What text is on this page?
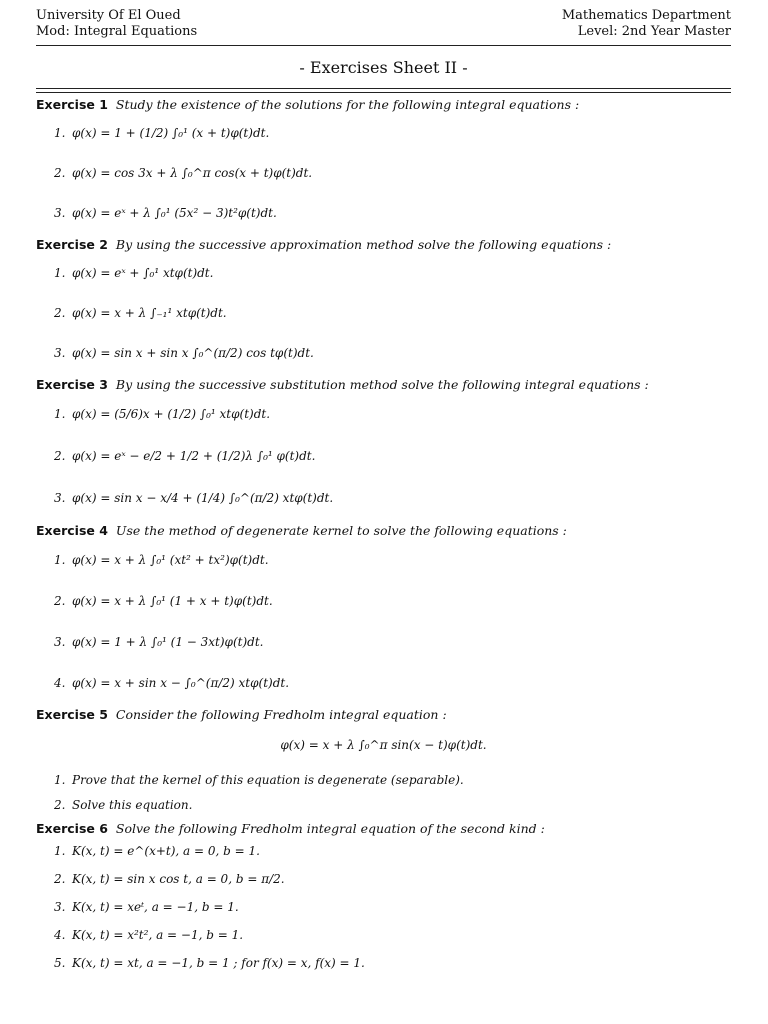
University Of El Oued
Mod: Integral Equations
Mathematics Department
Level: 2nd Year Master
- Exercises Sheet II -
Exercise 1 Study the existence of the solutions for the following integral equations :
1. φ(x) = 1 + (1/2) ∫₀¹ (x + t)φ(t)dt.
2. φ(x) = cos 3x + λ ∫₀^π cos(x + t)φ(t)dt.
3. φ(x) = eˣ + λ ∫₀¹ (5x² − 3)t²φ(t)dt.
Exercise 2 By using the successive approximation method solve the following equations :
1. φ(x) = eˣ + ∫₀¹ xtφ(t)dt.
2. φ(x) = x + λ ∫₋₁¹ xtφ(t)dt.
3. φ(x) = sin x + sin x ∫₀^(π/2) cos tφ(t)dt.
Exercise 3 By using the successive substitution method solve the following integral equations :
1. φ(x) = (5/6)x + (1/2) ∫₀¹ xtφ(t)dt.
2. φ(x) = eˣ − e/2 + 1/2 + (1/2)λ ∫₀¹ φ(t)dt.
3. φ(x) = sin x − x/4 + (1/4) ∫₀^(π/2) xtφ(t)dt.
Exercise 4 Use the method of degenerate kernel to solve the following equations :
1. φ(x) = x + λ ∫₀¹ (xt² + tx²)φ(t)dt.
2. φ(x) = x + λ ∫₀¹ (1 + x + t)φ(t)dt.
3. φ(x) = 1 + λ ∫₀¹ (1 − 3xt)φ(t)dt.
4. φ(x) = x + sin x − ∫₀^(π/2) xtφ(t)dt.
Exercise 5 Consider the following Fredholm integral equation :
φ(x) = x + λ ∫₀^π sin(x − t)φ(t)dt.
1. Prove that the kernel of this equation is degenerate (separable).
2. Solve this equation.
Exercise 6 Solve the following Fredholm integral equation of the second kind :
1. K(x, t) = e^(x+t), a = 0, b = 1.
2. K(x, t) = sin x cos t, a = 0, b = π/2.
3. K(x, t) = xeᵗ, a = −1, b = 1.
4. K(x, t) = x²t², a = −1, b = 1.
5. K(x, t) = xt, a = −1, b = 1 ; for f(x) = x, f(x) = 1.
